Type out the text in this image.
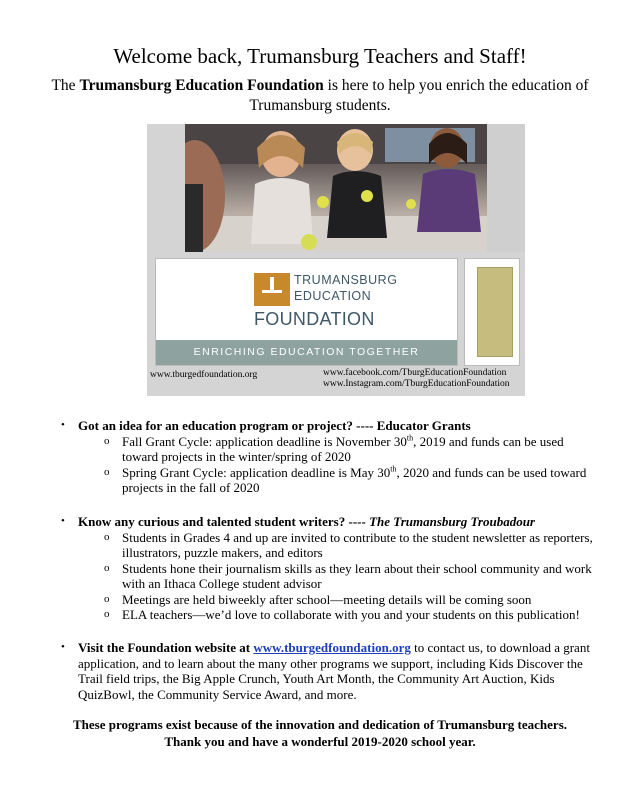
Welcome back, Trumansburg Teachers and Staff!
The Trumansburg Education Foundation is here to help you enrich the education of Trumansburg students.
TRUMANSBURG
EDUCATION
FOUNDATION
ENRICHING EDUCATION TOGETHER
www.tburgedfoundation.org	www.facebook.com/TburgEducationFoundation
www.Instagram.com/TburgEducationFoundation
• Got an idea for an education program or project? ---- Educator Grants
o Fall Grant Cycle: application deadline is November 30th, 2019 and funds can be used toward projects in the winter/spring of 2020
o Spring Grant Cycle: application deadline is May 30th, 2020 and funds can be used toward projects in the fall of 2020
• Know any curious and talented student writers? ---- The Trumansburg Troubadour
o Students in Grades 4 and up are invited to contribute to the student newsletter as reporters, illustrators, puzzle makers, and editors
o Students hone their journalism skills as they learn about their school community and work with an Ithaca College student advisor
o Meetings are held biweekly after school—meeting details will be coming soon
o ELA teachers—we’d love to collaborate with you and your students on this publication!
• Visit the Foundation website at www.tburgedfoundation.org to contact us, to download a grant application, and to learn about the many other programs we support, including Kids Discover the Trail field trips, the Big Apple Crunch, Youth Art Month, the Community Art Auction, Kids QuizBowl, the Community Service Award, and more.
These programs exist because of the innovation and dedication of Trumansburg teachers.
Thank you and have a wonderful 2019-2020 school year.
